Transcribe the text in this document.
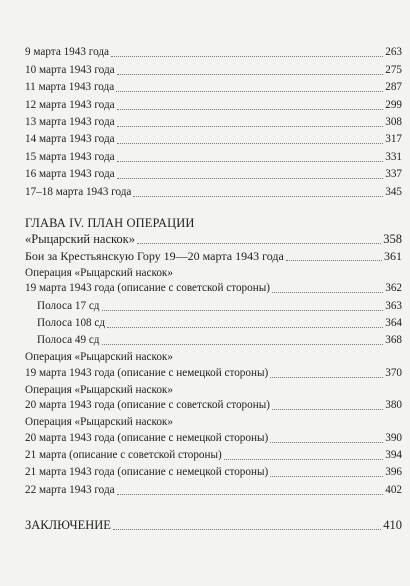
9 марта 1943 года	263
10 марта 1943 года	275
11 марта 1943 года	287
12 марта 1943 года	299
13 марта 1943 года	308
14 марта 1943 года	317
15 марта 1943 года	331
16 марта 1943 года	337
17–18 марта 1943 года	345
ГЛАВА IV. ПЛАН ОПЕРАЦИИ
«Рыцарский наскок»	358
Бои за Крестьянскую Гору 19—20 марта 1943 года	361
Операция «Рыцарский наскок»
19 марта 1943 года (описание с советской стороны)	362
Полоса 17 сд	363
Полоса 108 сд	364
Полоса 49 сд	368
Операция «Рыцарский наскок»
19 марта 1943 года (описание с немецкой стороны)	370
Операция «Рыцарский наскок»
20 марта 1943 года (описание с советской стороны)	380
Операция «Рыцарский наскок»
20 марта 1943 года (описание с немецкой стороны)	390
21 марта (описание с советской стороны)	394
21 марта 1943 года (описание с немецкой стороны)	396
22 марта 1943 года	402
ЗАКЛЮЧЕНИЕ	410
